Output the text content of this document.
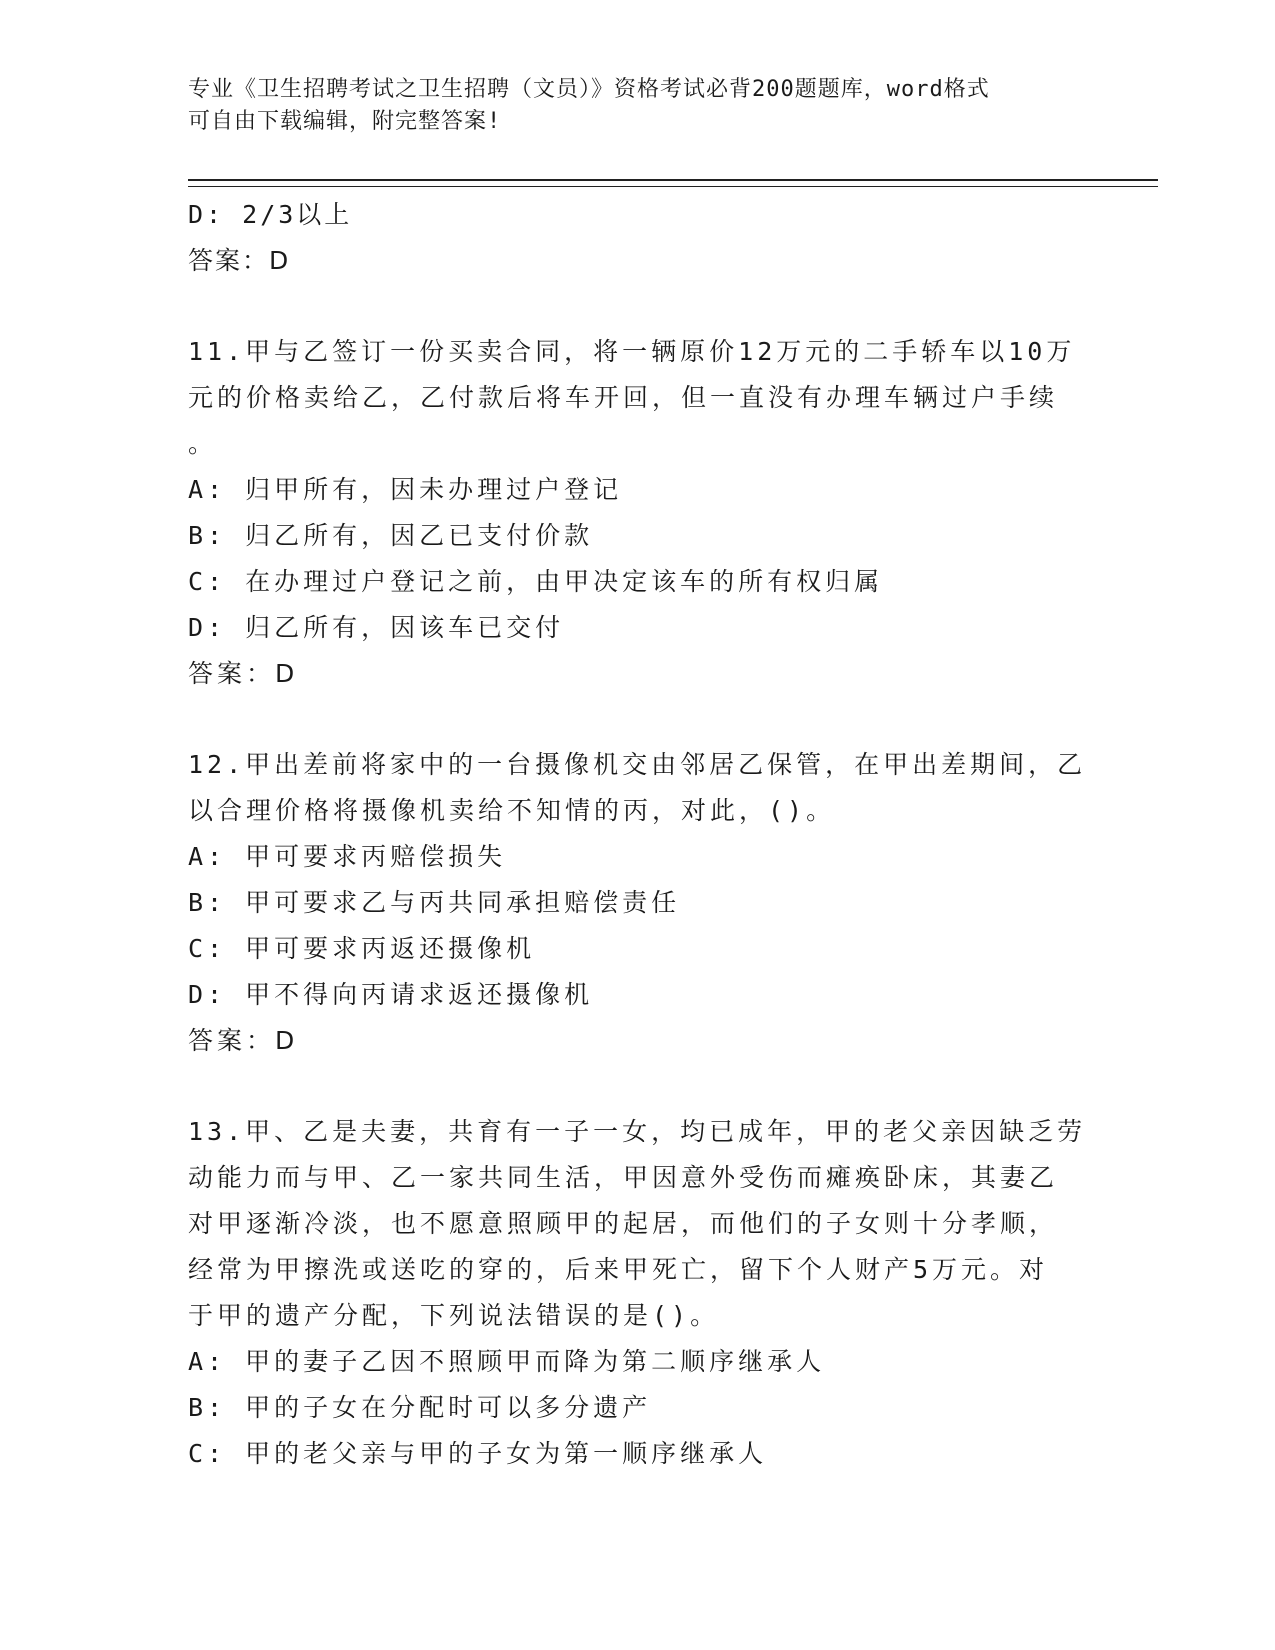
专业《卫生招聘考试之卫生招聘（文员）》资格考试必背200题题库，word格式
可自由下载编辑，附完整答案!
D: 2/3以上
答案：D
11.甲与乙签订一份买卖合同，将一辆原价12万元的二手轿车以10万
元的价格卖给乙，乙付款后将车开回，但一直没有办理车辆过户手续
。
A: 归甲所有，因未办理过户登记
B: 归乙所有，因乙已支付价款
C: 在办理过户登记之前，由甲决定该车的所有权归属
D: 归乙所有，因该车已交付
答案：D
12.甲出差前将家中的一台摄像机交由邻居乙保管，在甲出差期间，乙
以合理价格将摄像机卖给不知情的丙，对此，()。
A: 甲可要求丙赔偿损失
B: 甲可要求乙与丙共同承担赔偿责任
C: 甲可要求丙返还摄像机
D: 甲不得向丙请求返还摄像机
答案：D
13.甲、乙是夫妻，共育有一子一女，均已成年，甲的老父亲因缺乏劳
动能力而与甲、乙一家共同生活，甲因意外受伤而瘫痪卧床，其妻乙
对甲逐渐冷淡，也不愿意照顾甲的起居，而他们的子女则十分孝顺，
经常为甲擦洗或送吃的穿的，后来甲死亡，留下个人财产5万元。对
于甲的遗产分配，下列说法错误的是()。
A: 甲的妻子乙因不照顾甲而降为第二顺序继承人
B: 甲的子女在分配时可以多分遗产
C: 甲的老父亲与甲的子女为第一顺序继承人
